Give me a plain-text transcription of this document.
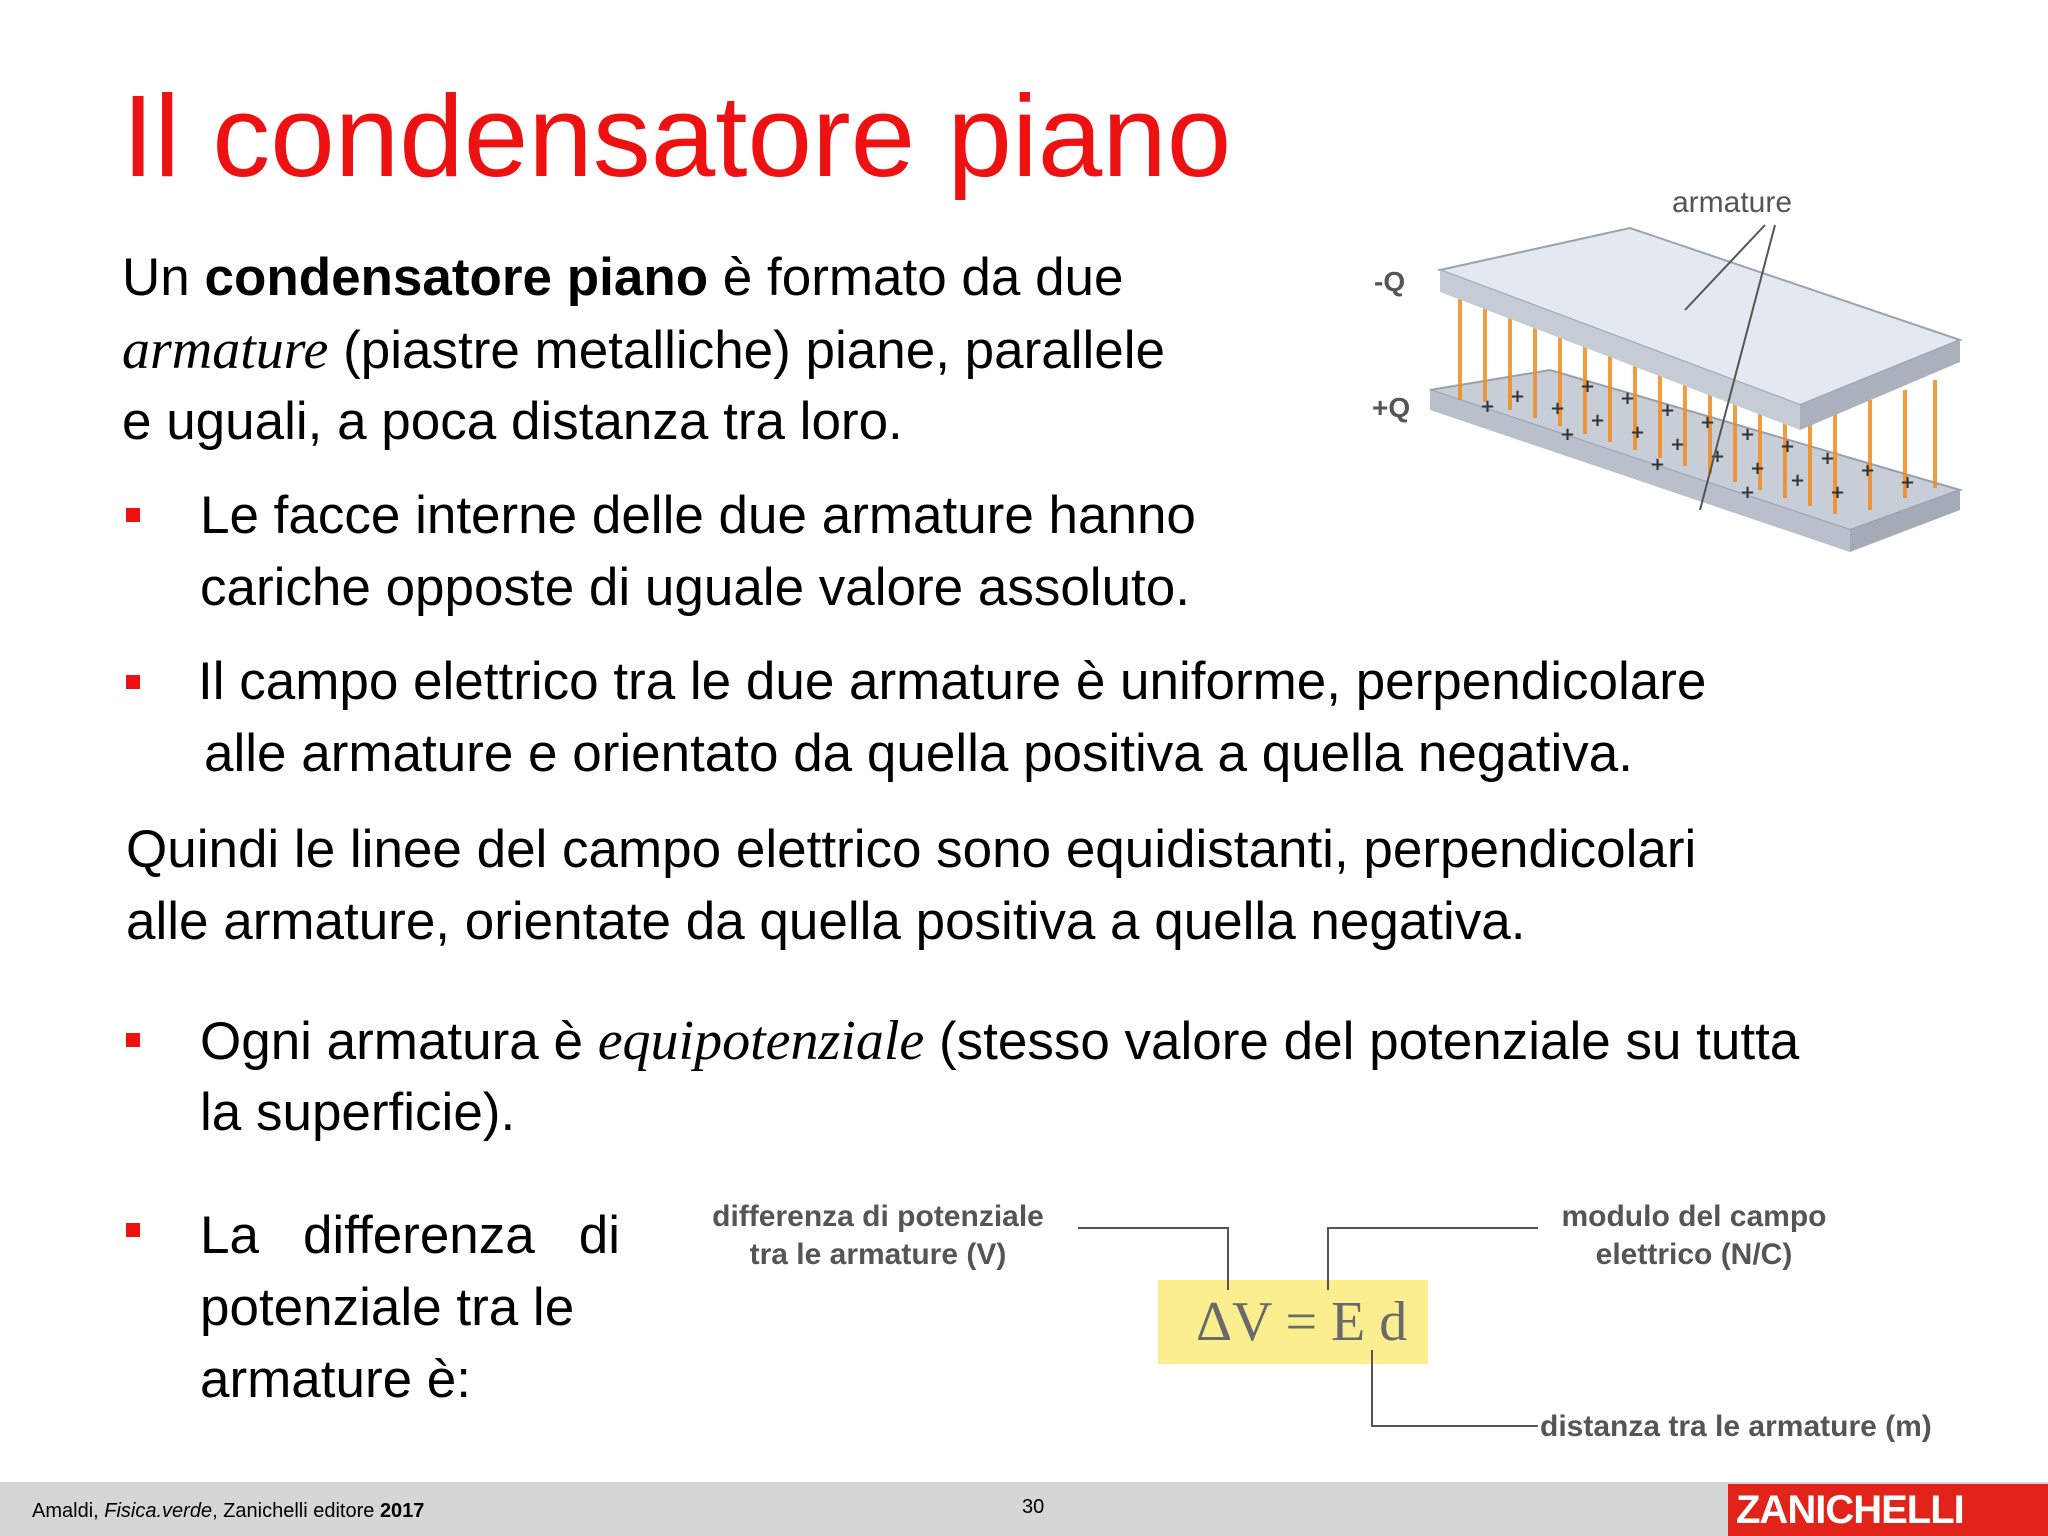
Il condensatore piano
Un condensatore piano è formato da due
armature (piastre metalliche) piane, parallele
e uguali, a poca distanza tra loro.
Le facce interne delle due armature hanno
cariche opposte di uguale valore assoluto.
Il campo elettrico tra le due armature è uniforme, perpendicolare
alle armature e orientato da quella positiva a quella negativa.
Quindi le linee del campo elettrico sono equidistanti, perpendicolari
alle armature, orientate da quella positiva a quella negativa.
Ogni armatura è equipotenziale (stesso valore del potenziale su tutta
la superficie).
La differenza di
potenziale tra le
armature è:
+
+
+
+
+
+
+
+
+
+
+
+
+
+
+
+
+
+
+
+
+
+
armature
-Q
+Q
ΔV = E d
differenza di potenziale
tra le armature (V)
modulo del campo
elettrico (N/C)
distanza tra le armature (m)
Amaldi, Fisica.verde, Zanichelli editore 2017	30	ZANICHELLI
